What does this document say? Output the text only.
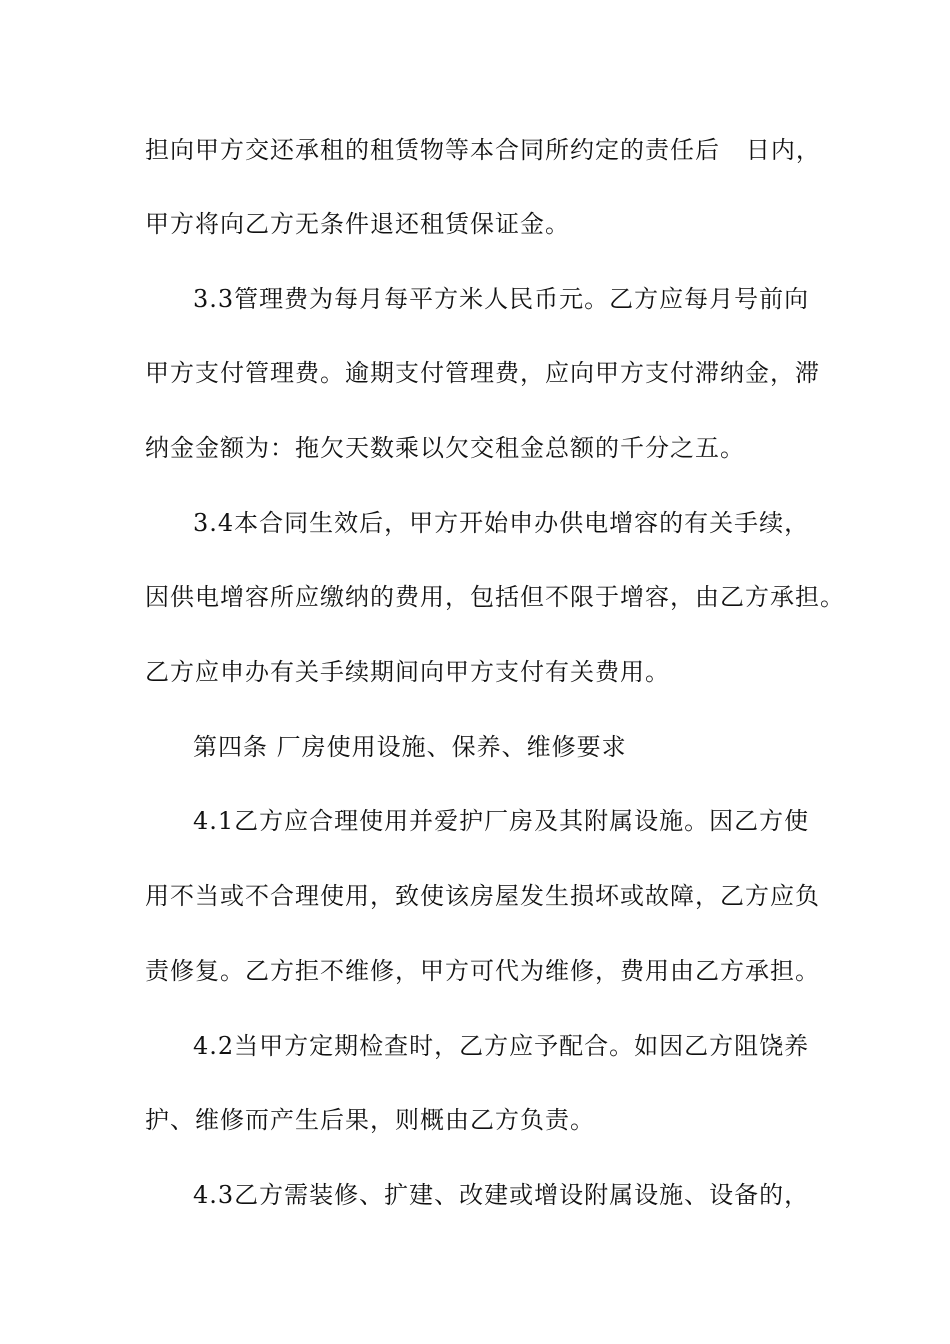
担向甲方交还承租的租赁物等本合同所约定的责任后   日内，
甲方将向乙方无条件退还租赁保证金。
3.3管理费为每月每平方米人民币元。乙方应每月号前向
甲方支付管理费。逾期支付管理费，应向甲方支付滞纳金，滞
纳金金额为：拖欠天数乘以欠交租金总额的千分之五。
3.4本合同生效后，甲方开始申办供电增容的有关手续，
因供电增容所应缴纳的费用，包括但不限于增容，由乙方承担。
乙方应申办有关手续期间向甲方支付有关费用。
第四条 厂房使用设施、保养、维修要求
4.1乙方应合理使用并爱护厂房及其附属设施。因乙方使
用不当或不合理使用，致使该房屋发生损坏或故障，乙方应负
责修复。乙方拒不维修，甲方可代为维修，费用由乙方承担。
4.2当甲方定期检查时，乙方应予配合。如因乙方阻饶养
护、维修而产生后果，则概由乙方负责。
4.3乙方需装修、扩建、改建或增设附属设施、设备的，
